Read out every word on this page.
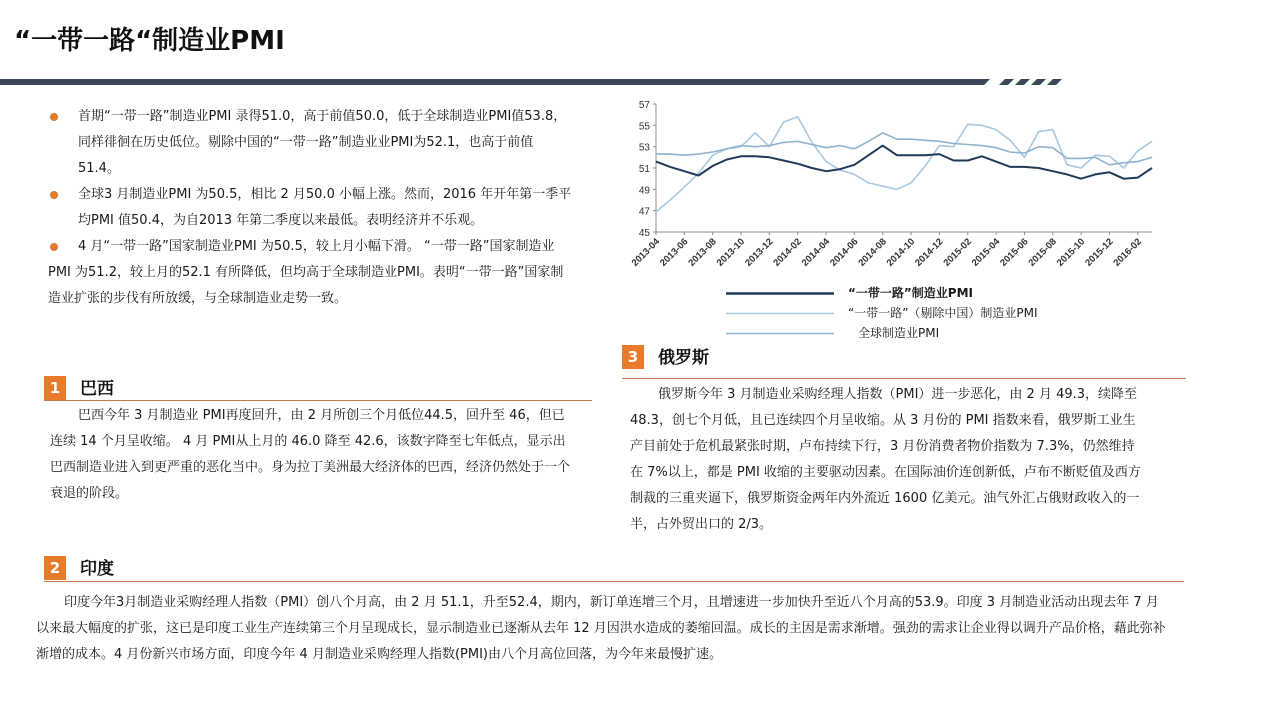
“一带一路“制造业PMI
首期“一带一路”制造业PMI 录得51.0，高于前值50.0，低于全球制造业PMI值53.8，同样徘徊在历史低位。剔除中国的“一带一路”制造业业PMI为52.1，也高于前值51.4。
全球3 月制造业PMI 为50.5，相比 2 月50.0 小幅上涨。然而，2016 年开年第一季平均PMI 值50.4，为自2013 年第二季度以来最低。表明经济并不乐观。
4 月“一带一路”国家制造业PMI 为50.5，较上月小幅下滑。 “一带一路”国家制造业PMI 为51.2，较上月的52.1 有所降低，但均高于全球制造业PMI。表明“一带一路”国家制造业扩张的步伐有所放缓，与全球制造业走势一致。
1	巴西

巴西今年 3 月制造业 PMI再度回升，由 2 月所创三个月低位44.5，回升至 46，但已连续 14 个月呈收缩。 4 月 PMI从上月的 46.0 降至 42.6，该数字降至七年低点，显示出巴西制造业进入到更严重的恶化当中。身为拉丁美洲最大经济体的巴西，经济仍然处于一个衰退的阶段。

2	印度

印度今年3月制造业采购经理人指数（PMI）创八个月高，由 2 月 51.1，升至52.4，期内，新订单连增三个月，且增速进一步加快升至近八个月高的53.9。印度 3 月制造业活动出现去年 7 月以来最大幅度的扩张，这已是印度工业生产连续第三个月呈现成长，显示制造业已逐渐从去年 12 月因洪水造成的萎缩回温。成长的主因是需求渐增。强劲的需求让企业得以调升产品价格，藉此弥补渐增的成本。4 月份新兴市场方面，印度今年 4 月制造业采购经理人指数(PMI)由八个月高位回落，为今年来最慢扩速。

3	俄罗斯

俄罗斯今年 3 月制造业采购经理人指数（PMI）进一步恶化，由 2 月 49.3，续降至 48.3，创七个月低，且已连续四个月呈收缩。从 3 月份的 PMI 指数来看，俄罗斯工业生产目前处于危机最紧张时期，卢布持续下行，3 月份消费者物价指数为 7.3%，仍然维持在 7%以上，都是 PMI 收缩的主要驱动因素。在国际油价连创新低，卢布不断贬值及西方制裁的三重夹逼下，俄罗斯资金两年内外流近 1600 亿美元。油气外汇占俄财政收入的一半，占外贸出口的 2/3。

45
47
49
51
53
55
57
2013-04
2013-06
2013-08
2013-10
2013-12
2014-02
2014-04
2014-06
2014-08
2014-10
2014-12
2015-02
2015-04
2015-06
2015-08
2015-10
2015-12
2016-02
“一带一路”制造业PMI
“一带一路”（剔除中国）制造业PMI
全球制造业PMI
